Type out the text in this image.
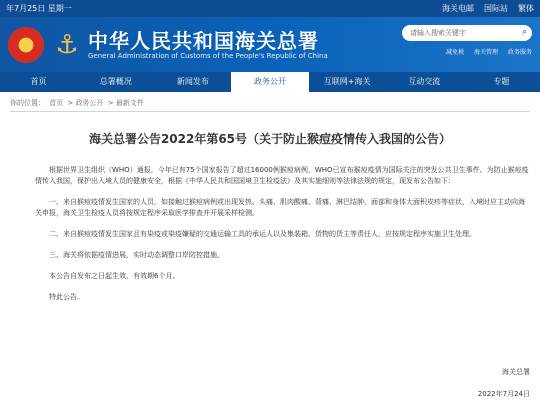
年7月25日 星期一	海关电邮 国际站 繁体
★ ⚓ 中华人民共和国海关总署
General Administration of Customs of the People's Republic of China
请输入搜索关键字	⌕
减免税 海关管理 政务服务
首页	总署概况	新闻发布	政务公开	互联网+海关	互动交流	专题
你的位置： 首页 > 政务公开 > 最新文件
海关总署公告2022年第65号（关于防止猴痘疫情传入我国的公告）

根据世界卫生组织（WHO）通报，今年已有75个国家报告了超过16000例猴痘病例，WHO已宣布猴痘疫情为国际关注的突发公共卫生事件。为防止猴痘疫情传入我国，保护出入境人员的健康安全，根据《中华人民共和国国境卫生检疫法》及其实施细则等法律法规的规定，现发布公告如下：

一、来自猴痘疫情发生国家的人员，如接触过猴痘病例或出现发热、头痛、肌肉酸痛、背痛、淋巴结肿、面部和身体大面积皮疹等症状，入境时应主动向海关申报，海关卫生检疫人员将按规定程序采取医学排查并开展采样检测。

二、来自猴痘疫情发生国家且有染疫或染疫嫌疑的交通运输工具的承运人以及集装箱、货物的货主等责任人，应按规定程序实施卫生处理。

三、海关将依据疫情进展，实时动态调整口岸防控措施。

本公告自发布之日起生效，有效期6个月。

特此公告。

海关总署
2022年7月24日
